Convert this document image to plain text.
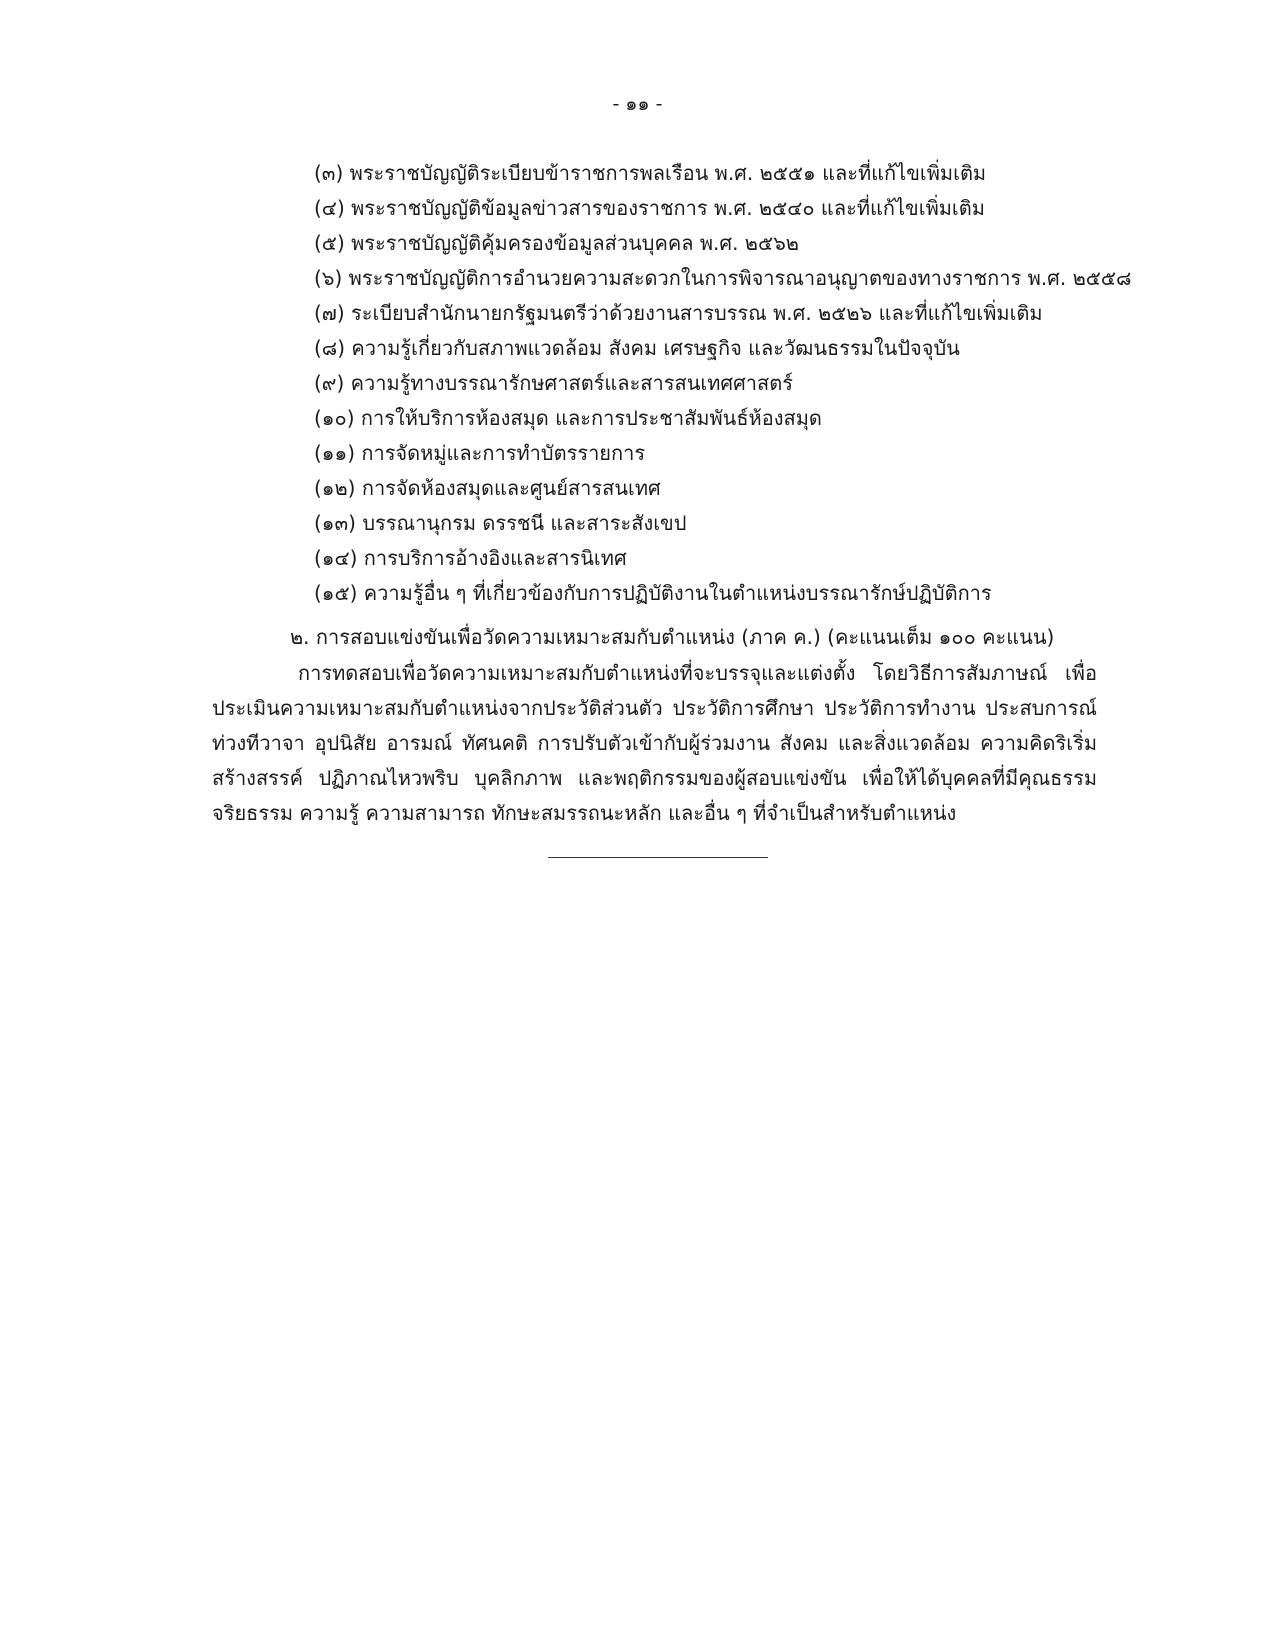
- ๑๑ -
(๓) พระราชบัญญัติระเบียบข้าราชการพลเรือน พ.ศ. ๒๕๕๑ และที่แก้ไขเพิ่มเติม
(๔) พระราชบัญญัติข้อมูลข่าวสารของราชการ พ.ศ. ๒๕๔๐ และที่แก้ไขเพิ่มเติม
(๕) พระราชบัญญัติคุ้มครองข้อมูลส่วนบุคคล พ.ศ. ๒๕๖๒
(๖) พระราชบัญญัติการอำนวยความสะดวกในการพิจารณาอนุญาตของทางราชการ พ.ศ. ๒๕๕๘
(๗) ระเบียบสำนักนายกรัฐมนตรีว่าด้วยงานสารบรรณ พ.ศ. ๒๕๒๖ และที่แก้ไขเพิ่มเติม
(๘) ความรู้เกี่ยวกับสภาพแวดล้อม สังคม เศรษฐกิจ และวัฒนธรรมในปัจจุบัน
(๙) ความรู้ทางบรรณารักษศาสตร์และสารสนเทศศาสตร์
(๑๐) การให้บริการห้องสมุด และการประชาสัมพันธ์ห้องสมุด
(๑๑) การจัดหมู่และการทำบัตรรายการ
(๑๒) การจัดห้องสมุดและศูนย์สารสนเทศ
(๑๓) บรรณานุกรม ดรรชนี และสาระสังเขป
(๑๔) การบริการอ้างอิงและสารนิเทศ
(๑๕) ความรู้อื่น ๆ ที่เกี่ยวข้องกับการปฏิบัติงานในตำแหน่งบรรณารักษ์ปฏิบัติการ
๒. การสอบแข่งขันเพื่อวัดความเหมาะสมกับตำแหน่ง (ภาค ค.) (คะแนนเต็ม ๑๐๐ คะแนน)

การทดสอบเพื่อวัดความเหมาะสมกับตำแหน่งที่จะบรรจุและแต่งตั้ง โดยวิธีการสัมภาษณ์ เพื่อประเมินความเหมาะสมกับตำแหน่งจากประวัติส่วนตัว ประวัติการศึกษา ประวัติการทำงาน ประสบการณ์ ท่วงทีวาจา อุปนิสัย อารมณ์ ทัศนคติ การปรับตัวเข้ากับผู้ร่วมงาน สังคม และสิ่งแวดล้อม ความคิดริเริ่ม สร้างสรรค์ ปฏิภาณไหวพริบ บุคลิกภาพ และพฤติกรรมของผู้สอบแข่งขัน เพื่อให้ได้บุคคลที่มีคุณธรรม จริยธรรม ความรู้ ความสามารถ ทักษะสมรรถนะหลัก และอื่น ๆ ที่จำเป็นสำหรับตำแหน่ง
